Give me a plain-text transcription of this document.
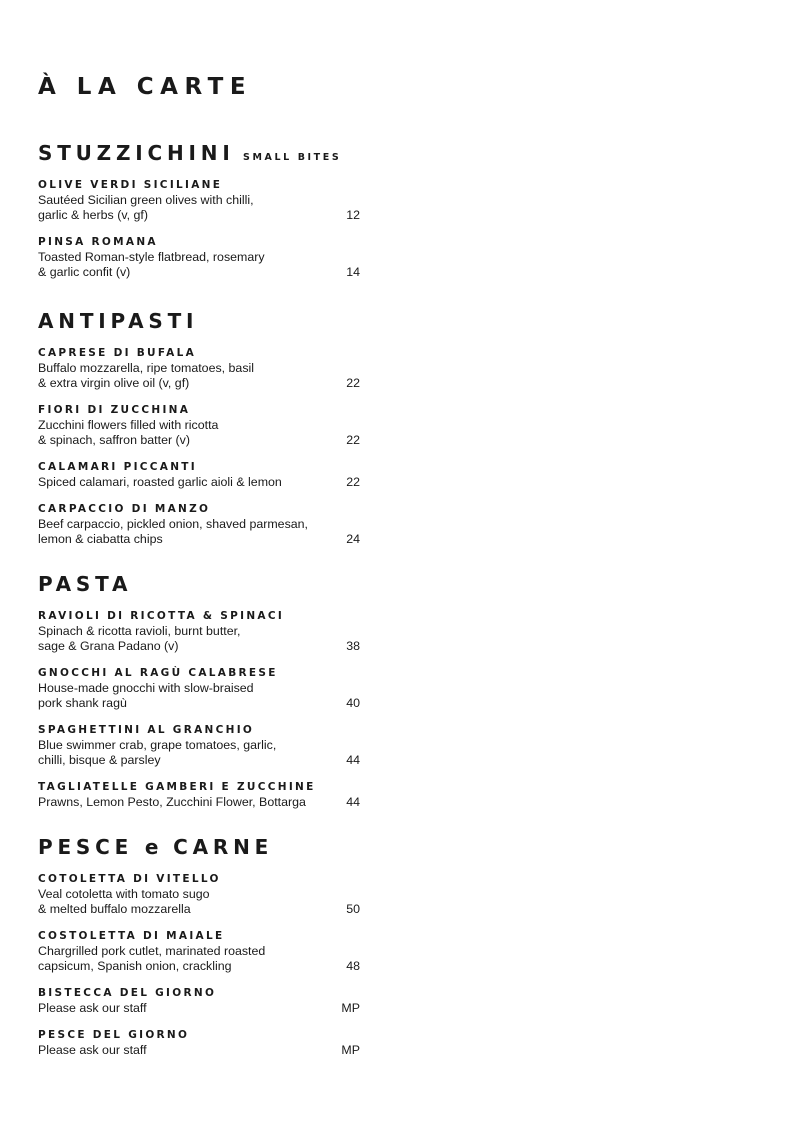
À LA CARTE
STUZZICHINI SMALL BITES
OLIVE VERDI SICILIANE
Sautéed Sicilian green olives with chilli,
garlic & herbs (v, gf)	12
PINSA ROMANA
Toasted Roman-style flatbread, rosemary
& garlic confit (v)	14
ANTIPASTI
CAPRESE DI BUFALA
Buffalo mozzarella, ripe tomatoes, basil
& extra virgin olive oil (v, gf)	22
FIORI DI ZUCCHINA
Zucchini flowers filled with ricotta
& spinach, saffron batter (v)	22
CALAMARI PICCANTI
Spiced calamari, roasted garlic aioli & lemon	22
CARPACCIO DI MANZO
Beef carpaccio, pickled onion, shaved parmesan,
lemon & ciabatta chips	24
PASTA
RAVIOLI DI RICOTTA & SPINACI
Spinach & ricotta ravioli, burnt butter,
sage & Grana Padano (v)	38
GNOCCHI AL RAGÙ CALABRESE
House-made gnocchi with slow-braised
pork shank ragù	40
SPAGHETTINI AL GRANCHIO
Blue swimmer crab, grape tomatoes, garlic,
chilli, bisque & parsley	44
TAGLIATELLE GAMBERI E ZUCCHINE
Prawns, Lemon Pesto, Zucchini Flower, Bottarga	44
PESCE e CARNE
COTOLETTA DI VITELLO
Veal cotoletta with tomato sugo
& melted buffalo mozzarella	50
COSTOLETTA DI MAIALE
Chargrilled pork cutlet, marinated roasted
capsicum, Spanish onion, crackling	48
BISTECCA DEL GIORNO
Please ask our staff	MP
PESCE DEL GIORNO
Please ask our staff	MP
